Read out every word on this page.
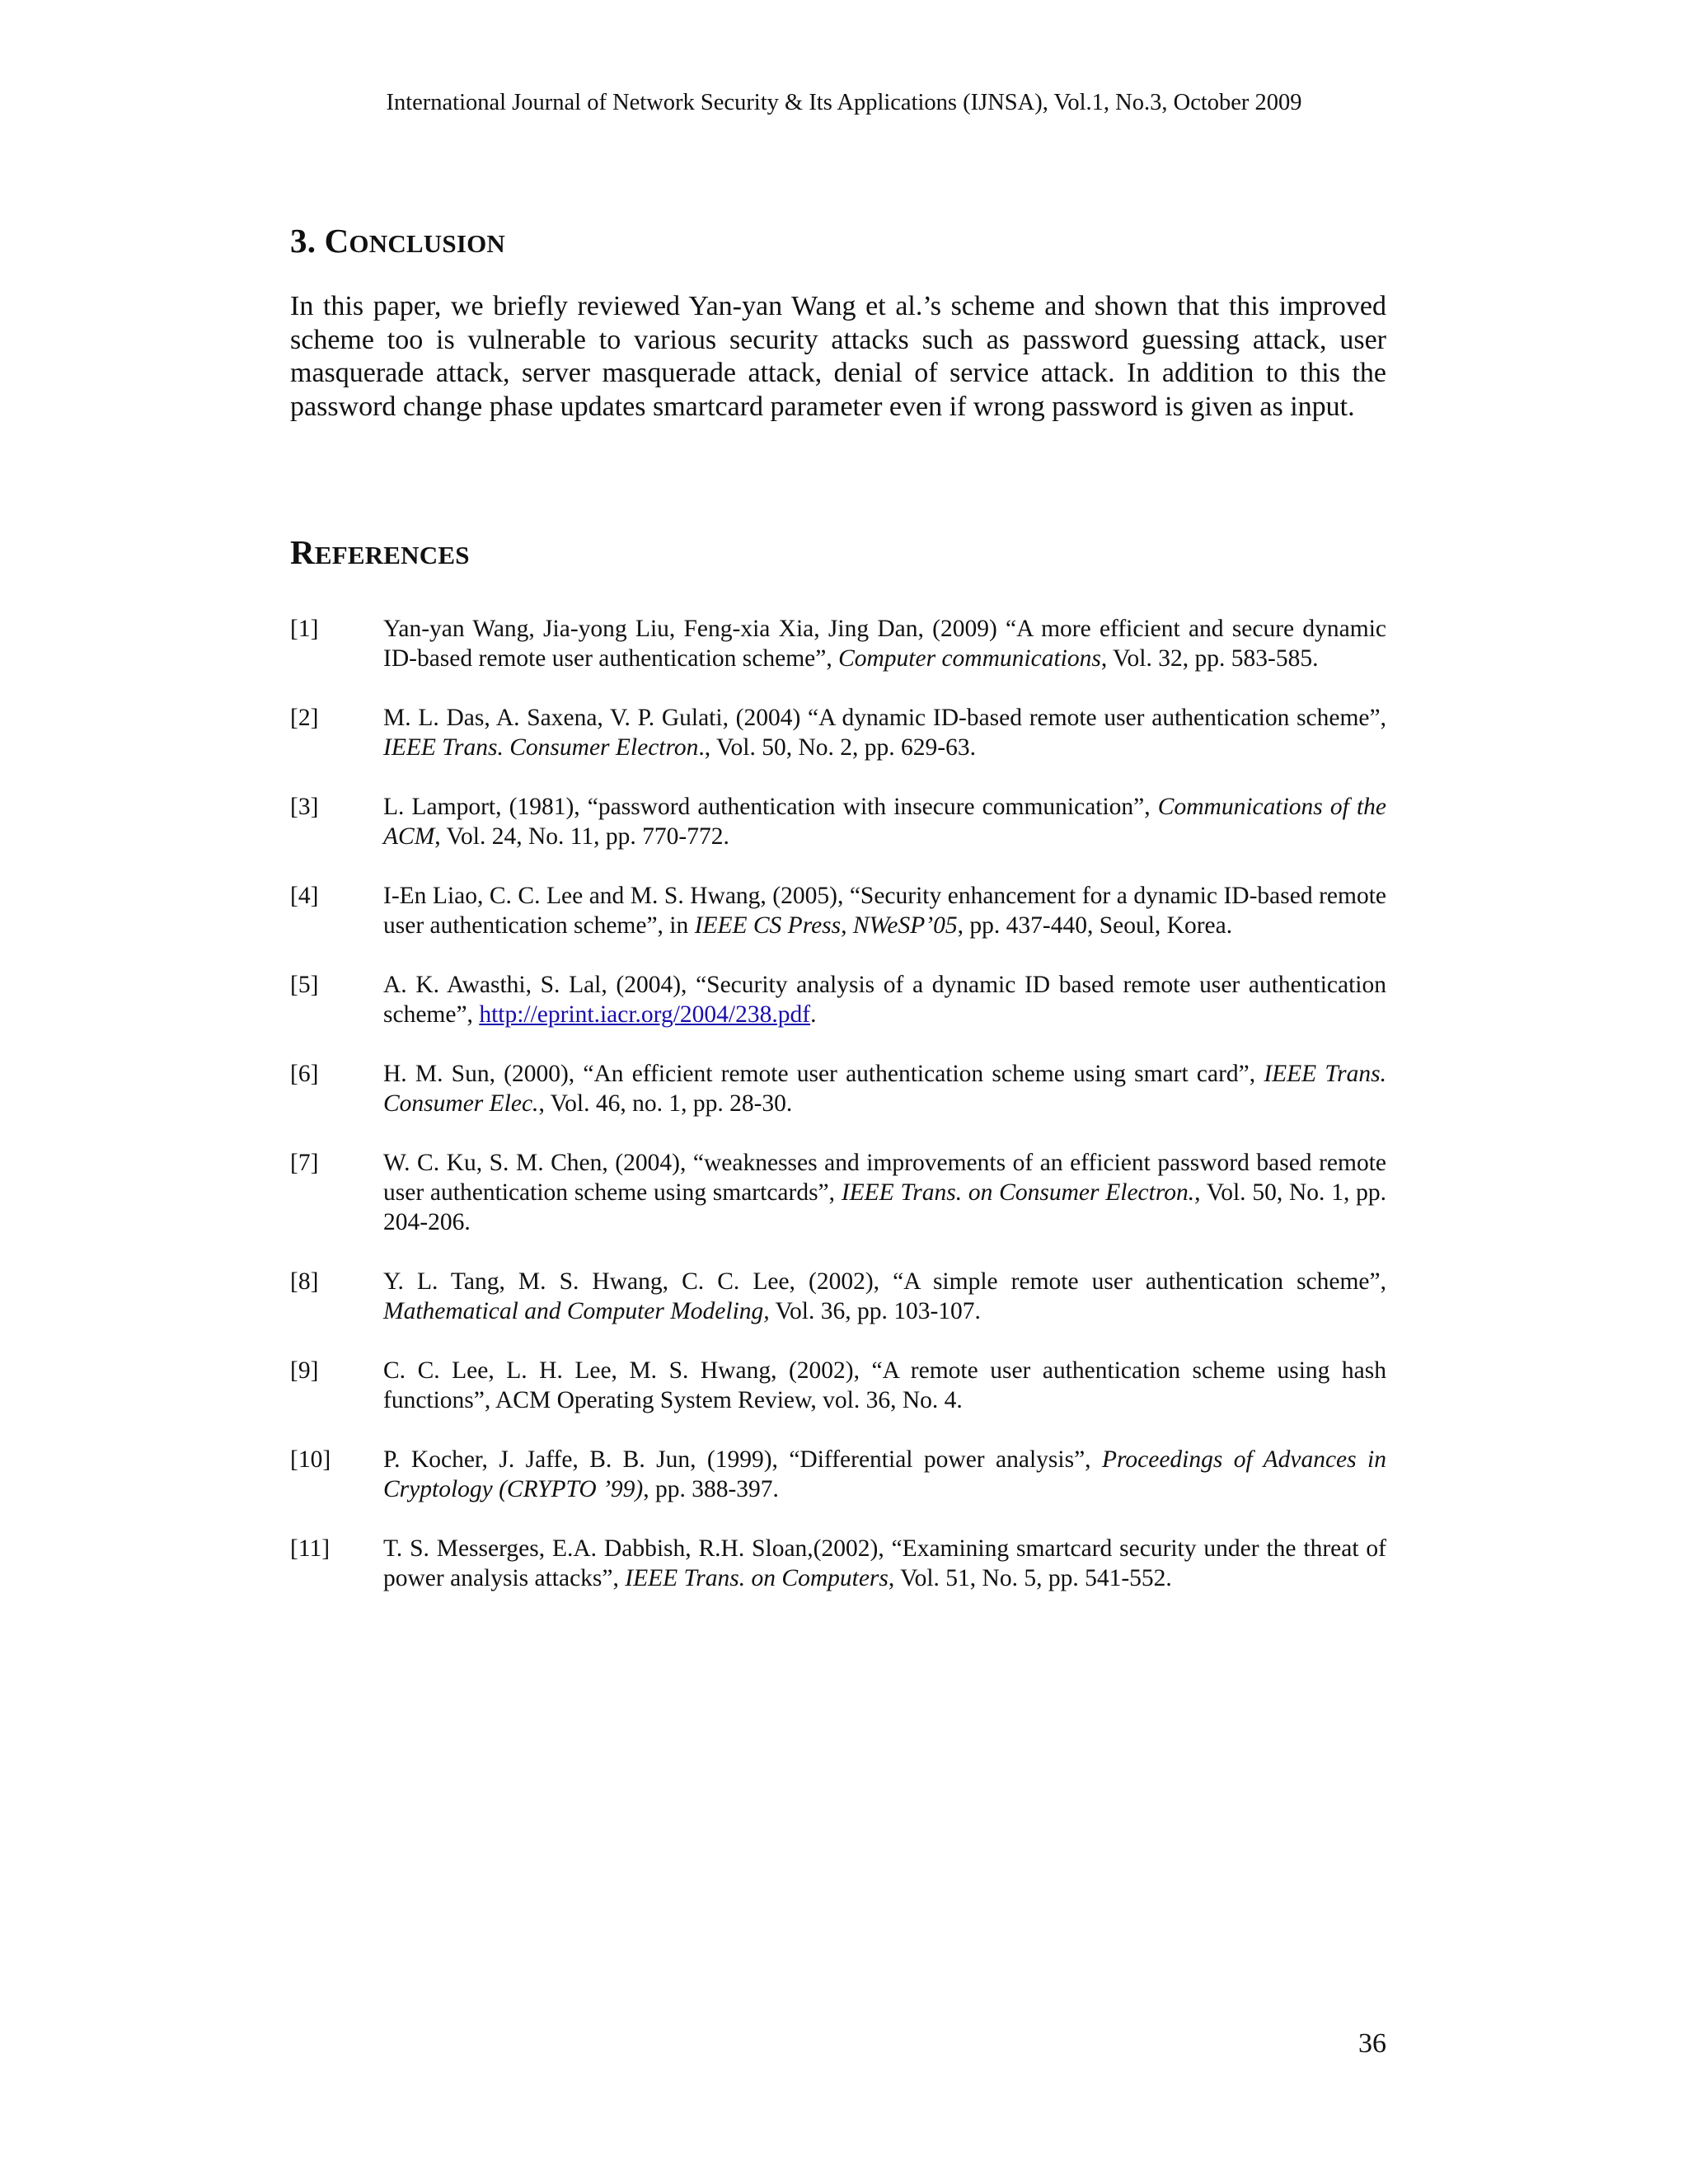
International Journal of Network Security & Its Applications (IJNSA), Vol.1, No.3, October 2009
3. CONCLUSION

In this paper, we briefly reviewed Yan-yan Wang et al.’s scheme and shown that this improved scheme too is vulnerable to various security attacks such as password guessing attack, user masquerade attack, server masquerade attack, denial of service attack. In addition to this the password change phase updates smartcard parameter even if wrong password is given as input.

REFERENCES
[1]	Yan-yan Wang, Jia-yong Liu, Feng-xia Xia, Jing Dan, (2009) “A more efficient and secure dynamic ID-based remote user authentication scheme”, Computer communications, Vol. 32, pp. 583-585.
[2]	M. L. Das, A. Saxena, V. P. Gulati, (2004) “A dynamic ID-based remote user authentication scheme”, IEEE Trans. Consumer Electron., Vol. 50, No. 2, pp. 629-63.
[3]	L. Lamport, (1981), “password authentication with insecure communication”, Communications of the ACM, Vol. 24, No. 11, pp. 770-772.
[4]	I-En Liao, C. C. Lee and M. S. Hwang, (2005), “Security enhancement for a dynamic ID-based remote user authentication scheme”, in IEEE CS Press, NWeSP’05, pp. 437-440, Seoul, Korea.
[5]	A. K. Awasthi, S. Lal, (2004), “Security analysis of a dynamic ID based remote user authentication scheme”, http://eprint.iacr.org/2004/238.pdf.
[6]	H. M. Sun, (2000), “An efficient remote user authentication scheme using smart card”, IEEE Trans. Consumer Elec., Vol. 46, no. 1, pp. 28-30.
[7]	W. C. Ku, S. M. Chen, (2004), “weaknesses and improvements of an efficient password based remote user authentication scheme using smartcards”, IEEE Trans. on Consumer Electron., Vol. 50, No. 1, pp. 204-206.
[8]	Y. L. Tang, M. S. Hwang, C. C. Lee, (2002), “A simple remote user authentication scheme”, Mathematical and Computer Modeling, Vol. 36, pp. 103-107.
[9]	C. C. Lee, L. H. Lee, M. S. Hwang, (2002), “A remote user authentication scheme using hash functions”, ACM Operating System Review, vol. 36, No. 4.
[10]	P. Kocher, J. Jaffe, B. B. Jun, (1999), “Differential power analysis”, Proceedings of Advances in Cryptology (CRYPTO ’99), pp. 388-397.
[11]	T. S. Messerges, E.A. Dabbish, R.H. Sloan,(2002), “Examining smartcard security under the threat of power analysis attacks”, IEEE Trans. on Computers, Vol. 51, No. 5, pp. 541-552.
36
